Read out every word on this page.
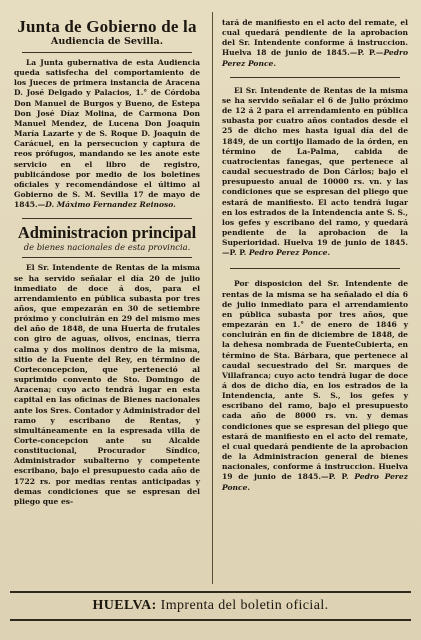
Junta de Gobierno de la
Audiencia de Sevilla.

La Junta gubernativa de esta Audiencia queda satisfecha del comportamiento de los Jueces de primera instancia de Aracena D. José Delgado y Palacios, 1.° de Córdoba Don Manuel de Burgos y Bueno, de Estepa Don José Díaz Molina, de Carmona Don Manuel Mendez, de Lucena Don Joaquin María Lazarte y de S. Roque D. Joaquin de Carácuel, en la persecucion y captura de reos prófugos, mandando se les anote este servicio en el libro de registro, publicándose por medio de los boletines oficiales y recomendándose el último al Gobierno de S. M. Sevilla 17 de mayo de 1845.—D. Máximo Fernandez Reinoso.

Administracion principal
de bienes nacionales de esta provincia.

El Sr. Intendente de Rentas de la misma se ha servido señalar el día 20 de julio inmediato de doce á dos, para el arrendamiento en pública subasta por tres años, que empezarán en 30 de setiembre próximo y concluirán en 29 del mismo mes del año de 1848, de una Huerta de frutales con giro de aguas, olivos, encinas, tierra calma y dos molinos dentro de la misma, sitio de la Fuente del Rey, en término de Corteconcepcion, que perteneció al suprimido convento de Sto. Domingo de Aracena; cuyo acto tendrá lugar en esta capital en las oficinas de Bienes nacionales ante los Sres. Contador y Administrador del ramo y escribano de Rentas, y simultáneamente en la espresada villa de Corte-concepcion ante su Alcalde constitucional, Procurador Síndico, Administrador subalterno y competente escribano, bajo el presupuesto cada año de 1722 rs. por medias rentas anticipadas y demas condiciones que se espresan del pliego que es-

tará de manifiesto en el acto del remate, el cual quedará pendiente de la aprobacion del Sr. Intendente conforme á instruccion. Huelva 18 de junio de 1845.—P. P.—Pedro Perez Ponce.

El Sr. Intendente de Rentas de la misma se ha servido señalar el 6 de Julio próximo de 12 á 2 para el arrendamiento en pública subasta por cuatro años contados desde el 25 de dicho mes hasta igual día del de 1849, de un cortijo llamado de la órden, en término de La-Palma, cabida de cuatrocientas fanegas, que pertenece al caudal secuestrado de Don Cárlos; bajo el presupuesto anual de 10000 rs. vn. y las condiciones que se espresan del pliego que estará de manifiesto. El acto tendrá lugar en los estrados de la Intendencia ante S. S., los gefes y escribano del ramo, y quedará pendiente de la aprobacion de la Superioridad. Huelva 19 de junio de 1845.—P. P. Pedro Perez Ponce.

Por disposicion del Sr. Intendente de rentas de la misma se ha señalado el día 6 de julio inmediato para el arrendamiento en pública subasta por tres años, que empezarán en 1.° de enero de 1846 y concluirán en fin de diciembre de 1848, de la dehesa nombrada de FuenteCubierta, en término de Sta. Bárbara, que pertenece al caudal secuestrado del Sr. marques de Villafranca; cuyo acto tendrá lugar de doce á dos de dicho día, en los estrados de la Intendencia, ante S. S., los gefes y escribano del ramo, bajo el presupuesto cada año de 8000 rs. vn. y demas condiciones que se espresan del pliego que estará de manifiesto en el acto del remate, el cual quedará pendiente de la aprobacion de la Administracion general de bienes nacionales, conforme á instruccion. Huelva 19 de junio de 1845.—P. P. Pedro Perez Ponce.

HUELVA: Imprenta del boletin oficial.
